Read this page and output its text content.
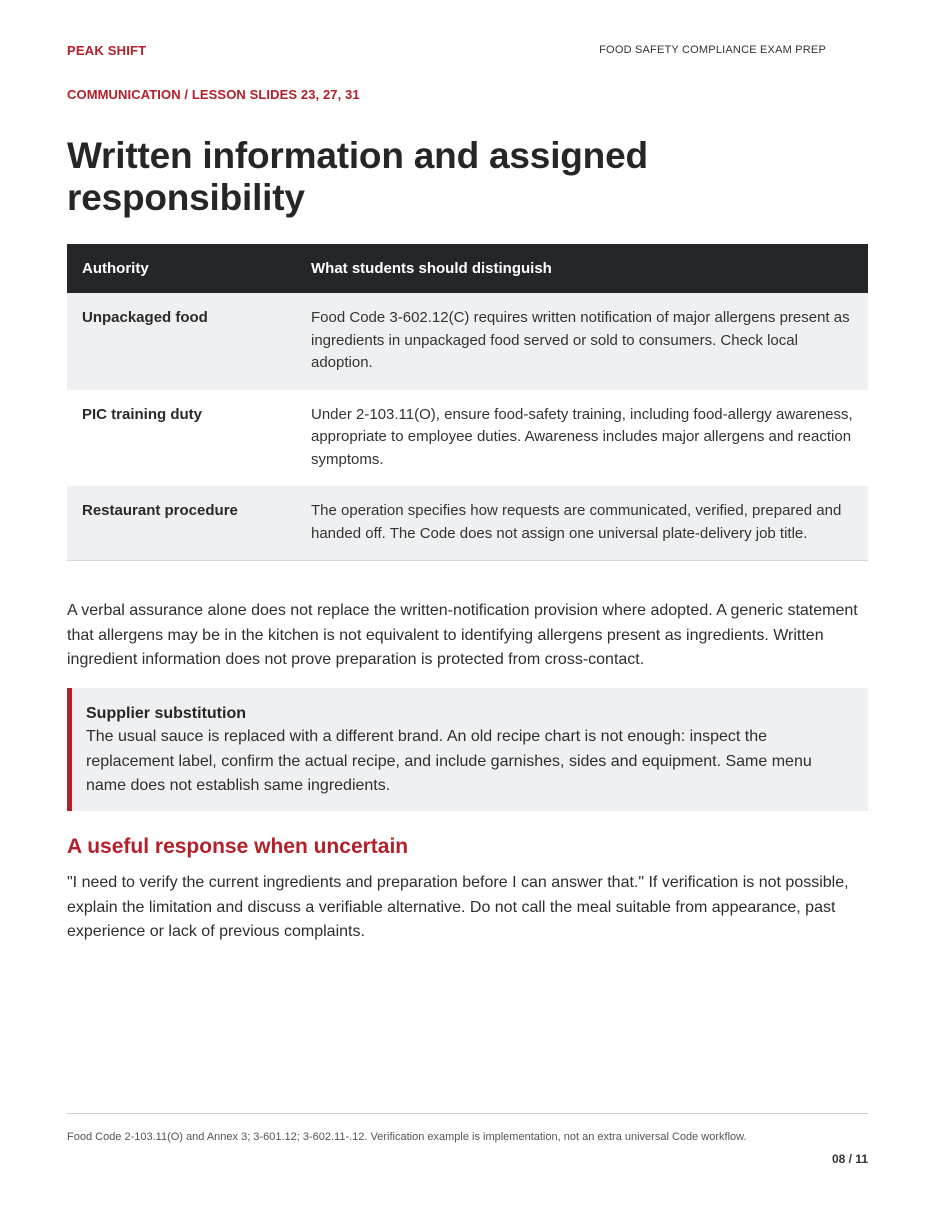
PEAK SHIFT	FOOD SAFETY COMPLIANCE EXAM PREP
COMMUNICATION / LESSON SLIDES 23, 27, 31
Written information and assigned responsibility
Authority	What students should distinguish
Unpackaged food	Food Code 3-602.12(C) requires written notification of major allergens present as ingredients in unpackaged food served or sold to consumers. Check local adoption.
PIC training duty	Under 2-103.11(O), ensure food-safety training, including food-allergy awareness, appropriate to employee duties. Awareness includes major allergens and reaction symptoms.
Restaurant procedure	The operation specifies how requests are communicated, verified, prepared and handed off. The Code does not assign one universal plate-delivery job title.

A verbal assurance alone does not replace the written-notification provision where adopted. A generic statement that allergens may be in the kitchen is not equivalent to identifying allergens present as ingredients. Written ingredient information does not prove preparation is protected from cross-contact.

Supplier substitution
The usual sauce is replaced with a different brand. An old recipe chart is not enough: inspect the replacement label, confirm the actual recipe, and include garnishes, sides and equipment. Same menu name does not establish same ingredients.
A useful response when uncertain

"I need to verify the current ingredients and preparation before I can answer that." If verification is not possible, explain the limitation and discuss a verifiable alternative. Do not call the meal suitable from appearance, past experience or lack of previous complaints.

Food Code 2-103.11(O) and Annex 3; 3-601.12; 3-602.11-.12. Verification example is implementation, not an extra universal Code workflow.
08 / 11
